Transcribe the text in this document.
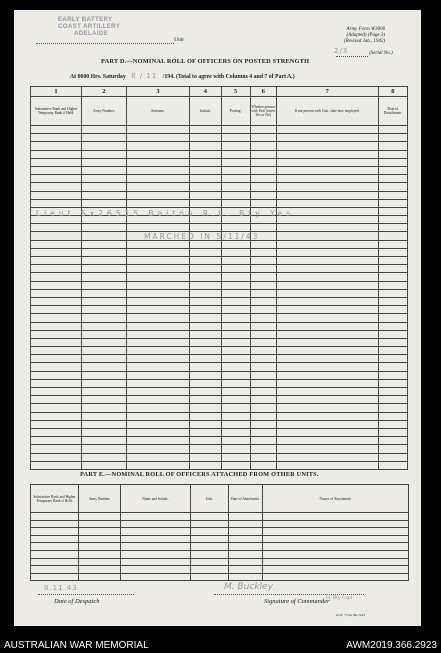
EARLY BATTERY
COAST ARTILLERY
ADELAIDE
Unit
Army Form W3006
(Adapted) (Page 3)
(Revised Jan., 1942)
2/3	(Serial No.)
PART D.—NOMINAL ROLL OF OFFICERS ON POSTED STRENGTH
At 0600 Hrs. Saturday 8 / 11 /194. (Total to agree with Columns 4 and 7 of Part A.)
1	2	3	4	5	6	7	8
Substantive Rank and Higher Temporary Rank if Held.	Army Number.	Surname.	Initials.	Posting.	Whether present with Unit (insert Yes or No)	If not present with Unit, state how employed.	Date of Detachment.

Lieut Sx26515 Bolton R.L. Bty Yes
MARCHED IN 5/11/43
PART E.—NOMINAL ROLL OF OFFICERS ATTACHED FROM OTHER UNITS.
Substantive Rank and Higher Temporary Rank if Held.	Army Number.	Name and Initials.	Unit.	Date of Attachment.	Nature of Attachment.

8.11.43
Date of Despatch
M. Buckley
Lt. Bty Capt
Signature of Commander
A.W. 77/pe 39a 3/43
AUSTRALIAN WAR MEMORIAL	AWM2019.366.2923
